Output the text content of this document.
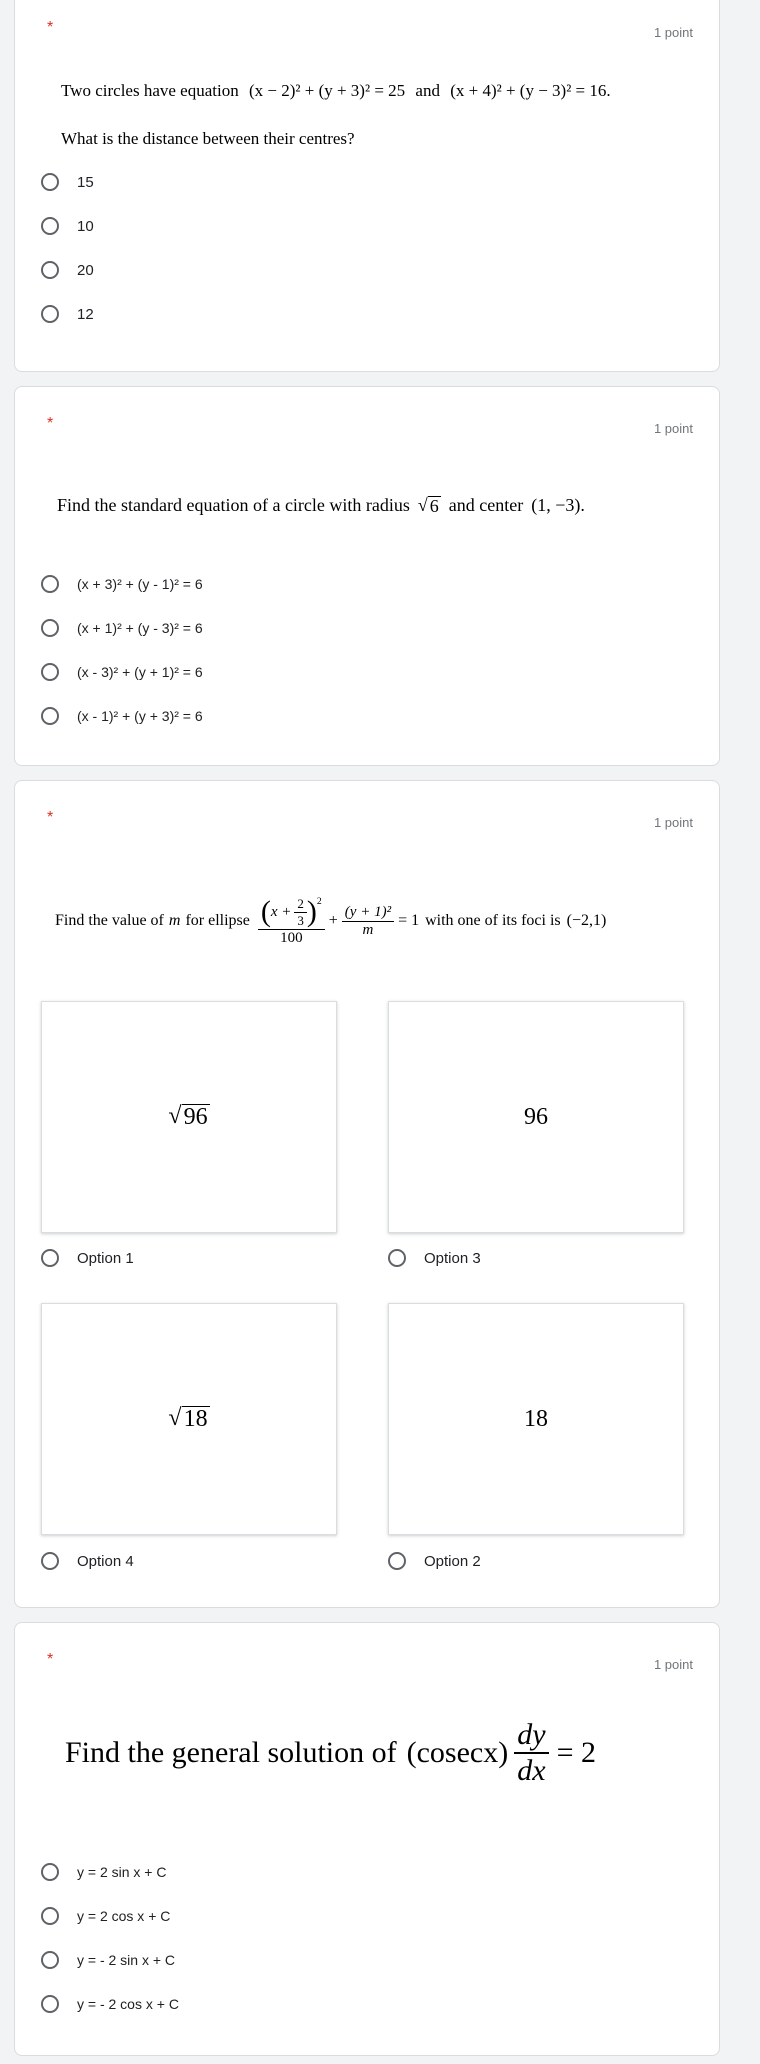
*	1 point
Two circles have equation (x − 2)² + (y + 3)² = 25 and (x + 4)² + (y − 3)² = 16.
What is the distance between their centres?
15
10
20
12
*	1 point
Find the standard equation of a circle with radius √ 6 and center (1, −3).
(x + 3)² + (y - 1)² = 6
(x + 1)² + (y - 3)² = 6
(x - 3)² + (y + 1)² = 6
(x - 1)² + (y + 3)² = 6
*	1 point
Find the value of m for ellipse ( $x + \frac{2}{3} )^2$
100
+ $\frac{\text{(y + 1)²}}{m} = 1$ with one of its foci is (−2,1)
√ 96
Option 1
96
Option 3
√ 18
Option 4
18
Option 2
*	1 point
Find the general solution of $(cosecx) \frac{dy}{dx} = 2$
y = 2 sin x + C
y = 2 cos x + C
y = - 2 sin x + C
y = - 2 cos x + C
